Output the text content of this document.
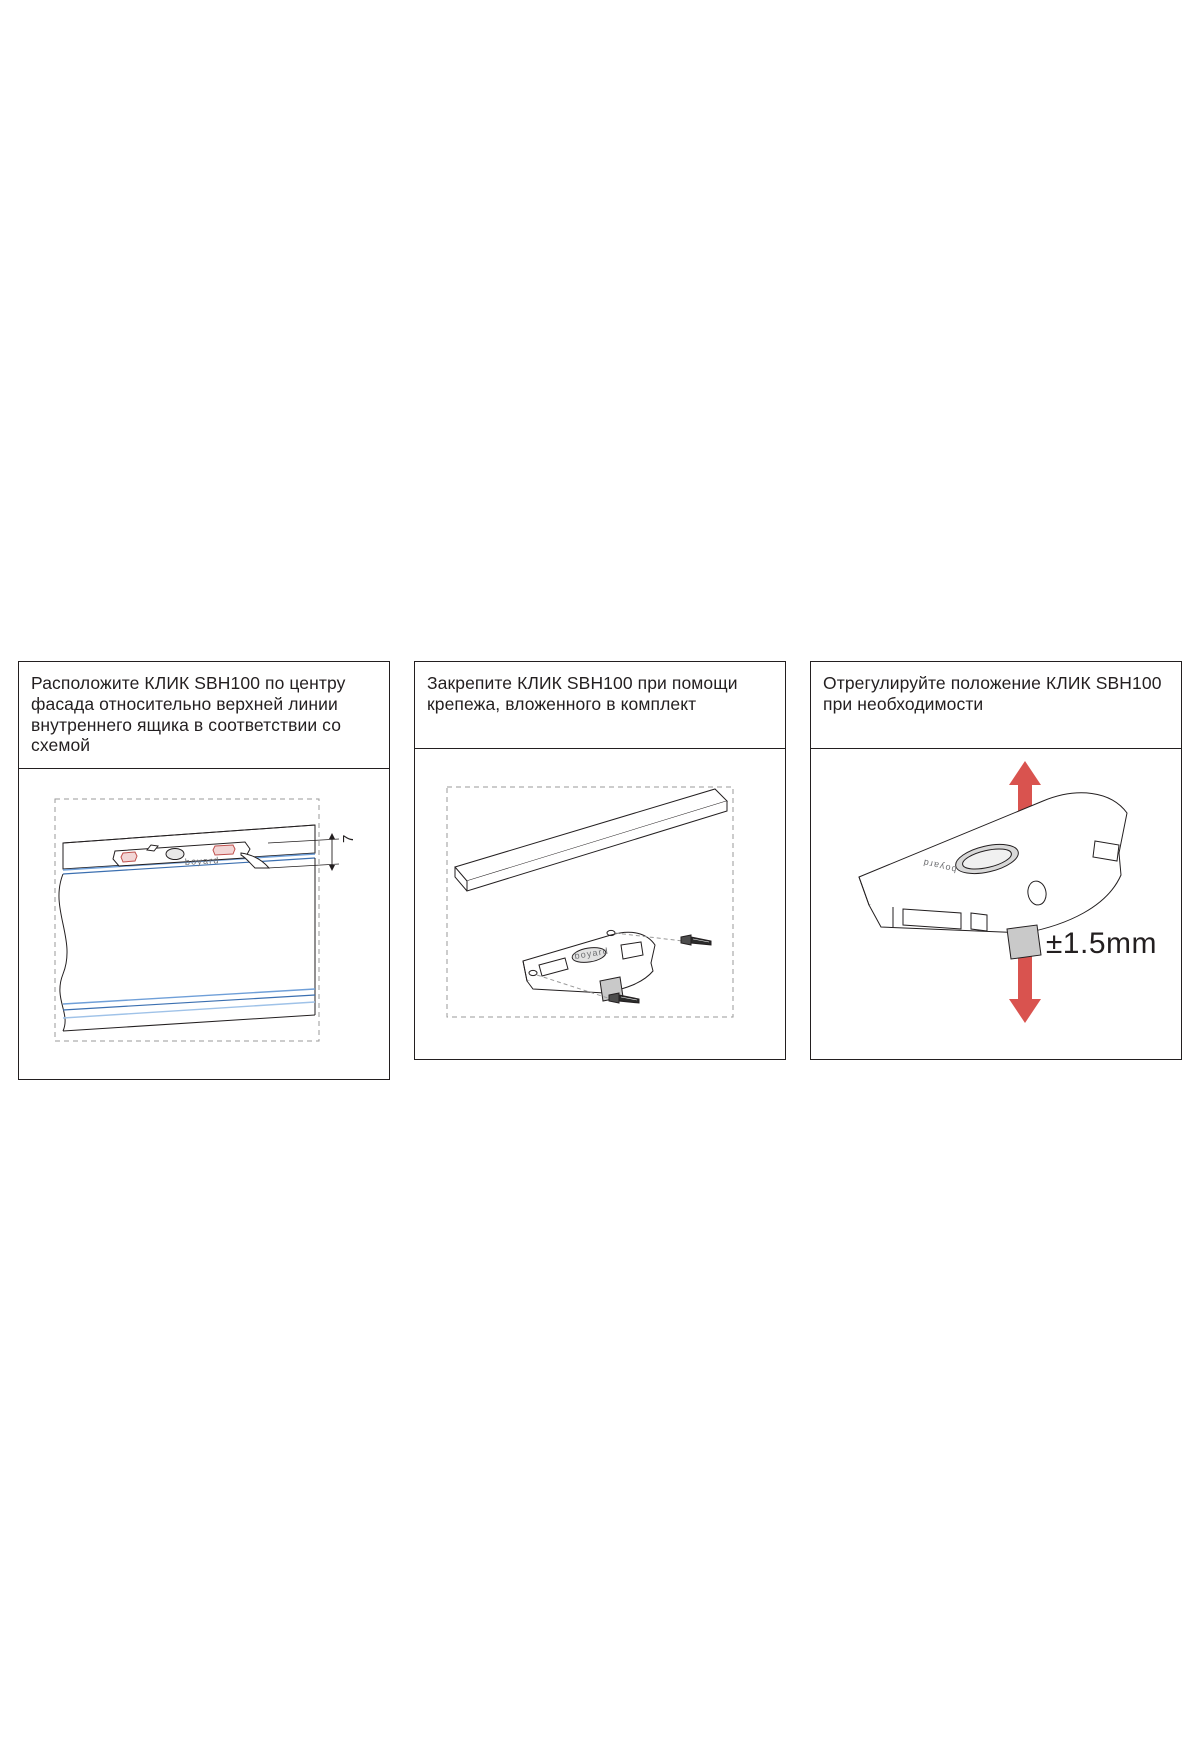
Расположите КЛИК SBH100 по центру фасада относительно верхней линии внутреннего ящика в соответствии со схемой

boyard
7

Закрепите КЛИК SBH100 при помощи крепежа, вложенного в комплект

boyard

Отрегулируйте положение КЛИК SBH100 при необходимости

boyard
±1.5mm
